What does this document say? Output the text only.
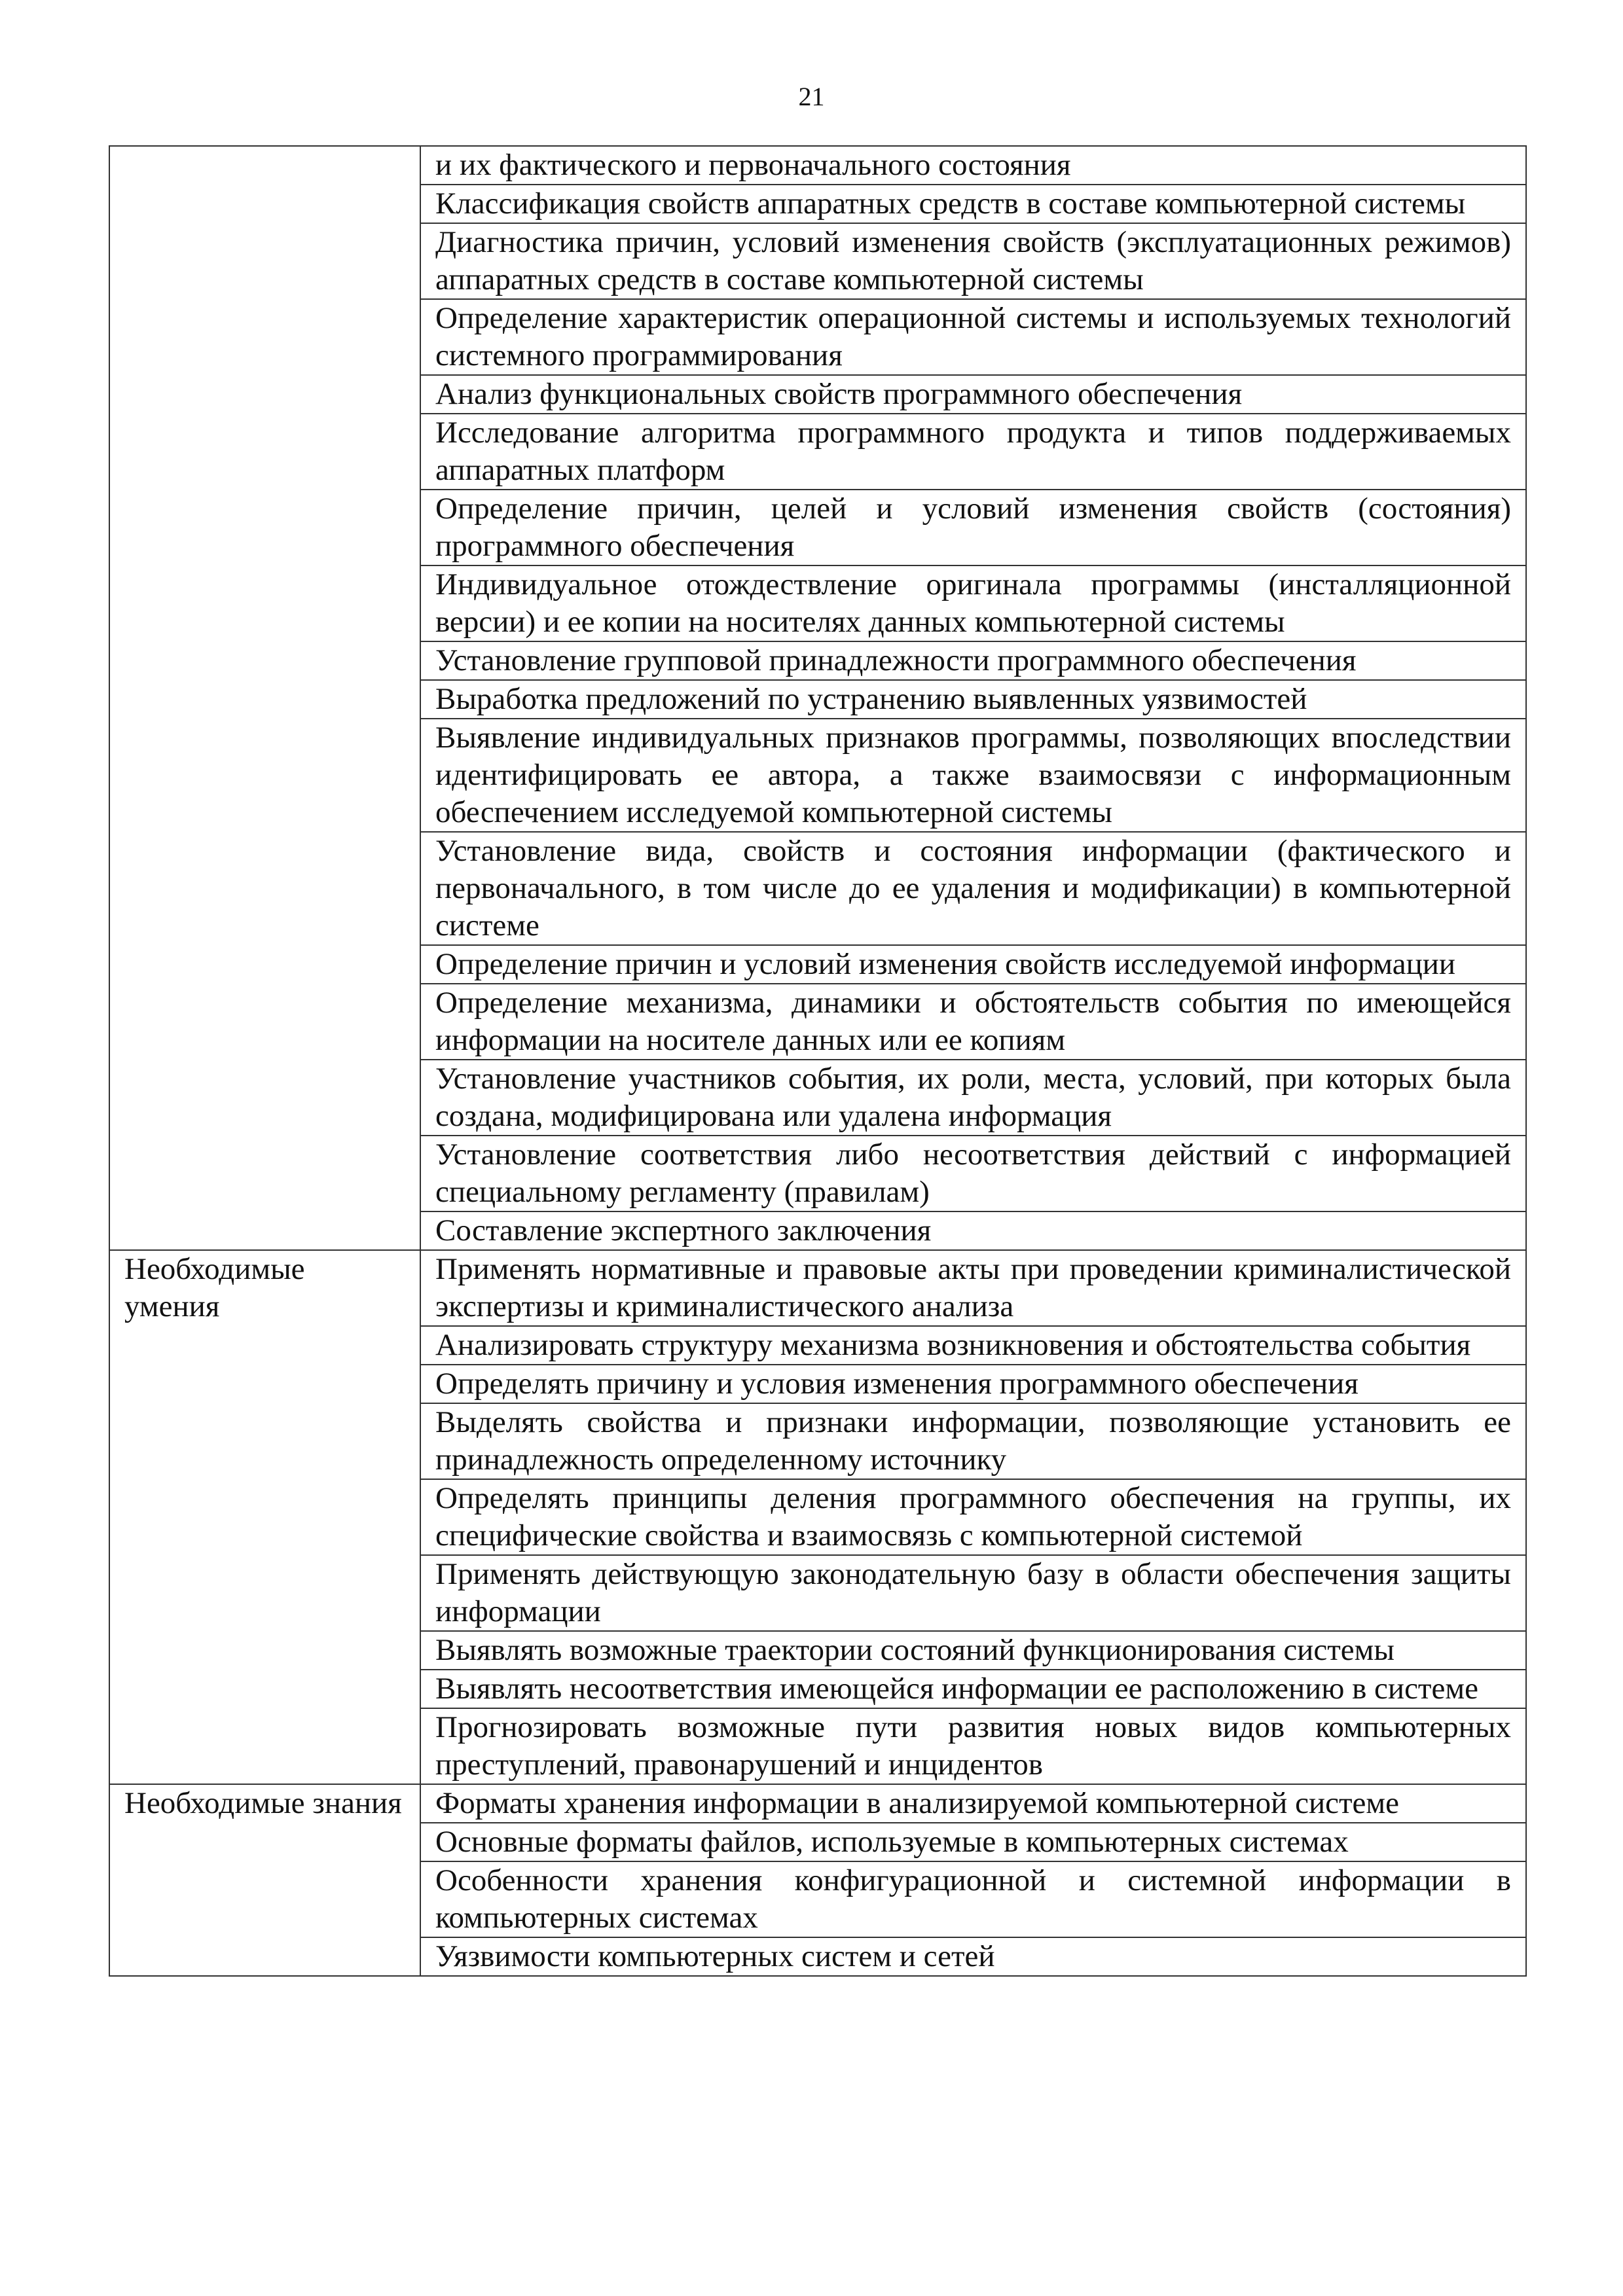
21
	и их фактического и первоначального состояния
	Классификация свойств аппаратных средств в составе компьютерной системы
	Диагностика причин, условий изменения свойств (эксплуатационных режимов) аппаратных средств в составе компьютерной системы
	Определение характеристик операционной системы и используемых технологий системного программирования
	Анализ функциональных свойств программного обеспечения
	Исследование алгоритма программного продукта и типов поддерживаемых аппаратных платформ
	Определение причин, целей и условий изменения свойств (состояния) программного обеспечения
	Индивидуальное отождествление оригинала программы (инсталляционной версии) и ее копии на носителях данных компьютерной системы
	Установление групповой принадлежности программного обеспечения
	Выработка предложений по устранению выявленных уязвимостей
	Выявление индивидуальных признаков программы, позволяющих впоследствии идентифицировать ее автора, а также взаимосвязи с информационным обеспечением исследуемой компьютерной системы
	Установление вида, свойств и состояния информации (фактического и первоначального, в том числе до ее удаления и модификации) в компьютерной системе
	Определение причин и условий изменения свойств исследуемой информации
	Определение механизма, динамики и обстоятельств события по имеющейся информации на носителе данных или ее копиям
	Установление участников события, их роли, места, условий, при которых была создана, модифицирована или удалена информация
	Установление соответствия либо несоответствия действий с информацией специальному регламенту (правилам)
	Составление экспертного заключения
Необходимые умения	Применять нормативные и правовые акты при проведении криминалистической экспертизы и криминалистического анализа
	Анализировать структуру механизма возникновения и обстоятельства события
	Определять причину и условия изменения программного обеспечения
	Выделять свойства и признаки информации, позволяющие установить ее принадлежность определенному источнику
	Определять принципы деления программного обеспечения на группы, их специфические свойства и взаимосвязь с компьютерной системой
	Применять действующую законодательную базу в области обеспечения защиты информации
	Выявлять возможные траектории состояний функционирования системы
	Выявлять несоответствия имеющейся информации ее расположению в системе
	Прогнозировать возможные пути развития новых видов компьютерных преступлений, правонарушений и инцидентов
Необходимые знания	Форматы хранения информации в анализируемой компьютерной системе
	Основные форматы файлов, используемые в компьютерных системах
	Особенности хранения конфигурационной и системной информации в компьютерных системах
	Уязвимости компьютерных систем и сетей
